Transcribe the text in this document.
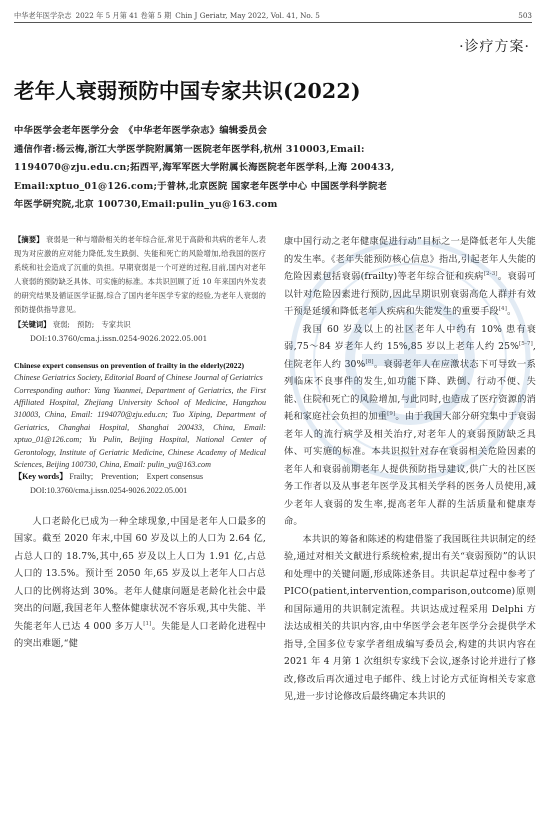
中华老年医学杂志 2022 年 5 月第 41 卷第 5 期 Chin J Geriatr, May 2022, Vol. 41, No. 5	503
·诊疗方案·
老年人衰弱预防中国专家共识(2022)

中华医学会老年医学分会　《中华老年医学杂志》编辑委员会

通信作者:杨云梅,浙江大学医学院附属第一医院老年医学科,杭州 310003,Email:

1194070@zju.edu.cn;拓西平,海军军医大学附属长海医院老年医学科,上海 200433,

Email:xptuo_01@126.com;于普林,北京医院 国家老年医学中心 中国医学科学院老

年医学研究院,北京 100730,Email:pulin_yu@163.com

【摘要】 衰弱是一种与增龄相关的老年综合征,常见于高龄和共病的老年人,表现为对应激的应对能力降低,发生跌倒、失能和死亡的风险增加,给我国的医疗系统和社会造成了沉重的负担。早期衰弱是一个可逆的过程,目前,国内对老年人衰弱的预防缺乏具体、可实施的标准。本共识回顾了近 10 年来国内外发表的研究结果及循证医学证据,综合了国内老年医学专家的经验,为老年人衰弱的预防提供指导意见。
【关键词】 衰弱;　预防;　专家共识
DOI:10.3760/cma.j.issn.0254-9026.2022.05.001
Chinese expert consensus on prevention of frailty in the elderly(2022)
Chinese Geriatrics Society, Editorial Board of Chinese Journal of Geriatrics
Corresponding author: Yang Yuanmei, Department of Geriatrics, the First Affiliated Hospital, Zhejiang University School of Medicine, Hangzhou 310003, China, Email: 1194070@zju.edu.cn; Tuo Xiping, Department of Geriatrics, Changhai Hospital, Shanghai 200433, China, Email: xptuo_01@126.com; Yu Pulin, Beijing Hospital, National Center of Gerontology, Institute of Geriatric Medicine, Chinese Academy of Medical Sciences, Beijing 100730, China, Email: pulin_yu@163.com
【Key words】 Frailty;　Prevention;　Expert consensus
DOI:10.3760/cma.j.issn.0254-9026.2022.05.001

人口老龄化已成为一种全球现象,中国是老年人口最多的国家。截至 2020 年末,中国 60 岁及以上的人口为 2.64 亿,占总人口的 18.7%,其中,65 岁及以上人口为 1.91 亿,占总人口的 13.5%。预计至 2050 年,65 岁及以上老年人口占总人口的比例将达到 30%。老年人健康问题是老龄化社会中最突出的问题,我国老年人整体健康状况不容乐观,其中失能、半失能老年人已达 4 000 多万人[1]。失能是人口老龄化进程中的突出难题,“健

康中国行动之老年健康促进行动”目标之一是降低老年人失能的发生率。《老年失能预防核心信息》指出,引起老年人失能的危险因素包括衰弱(frailty)等老年综合征和疾病[2-3]。衰弱可以针对危险因素进行预防,因此早期识别衰弱高危人群并有效干预是延缓和降低老年人疾病和失能发生的重要手段[4]。

我国 60 岁及以上的社区老年人中约有 10% 患有衰弱,75～84 岁老年人约 15%,85 岁以上老年人约 25%[5-7],住院老年人约 30%[8]。衰弱老年人在应激状态下可导致一系列临床不良事件的发生,如功能下降、跌倒、行动不便、失能、住院和死亡的风险增加,与此同时,也造成了医疗资源的消耗和家庭社会负担的加重[9]。由于我国大部分研究集中于衰弱老年人的流行病学及相关治疗,对老年人的衰弱预防缺乏具体、可实施的标准。本共识拟针对存在衰弱相关危险因素的老年人和衰弱前期老年人提供预防指导建议,供广大的社区医务工作者以及从事老年医学及其相关学科的医务人员使用,减少老年人衰弱的发生率,提高老年人群的生活质量和健康寿命。

本共识的筹备和陈述的构建借鉴了我国既往共识制定的经验,通过对相关文献进行系统检索,提出有关“衰弱预防”的认识和处理中的关键问题,形成陈述条目。共识起草过程中参考了 PICO(patient,intervention,comparison,outcome)原则和国际通用的共识制定流程。共识达成过程采用 Delphi 方法达成相关的共识内容,由中华医学会老年医学分会提供学术指导,全国多位专家学者组成编写委员会,构建的共识内容在 2021 年 4 月第 1 次组织专家线下会议,逐条讨论并进行了修改,修改后再次通过电子邮件、线上讨论方式征询相关专家意见,进一步讨论修改后最终确定本共识的
